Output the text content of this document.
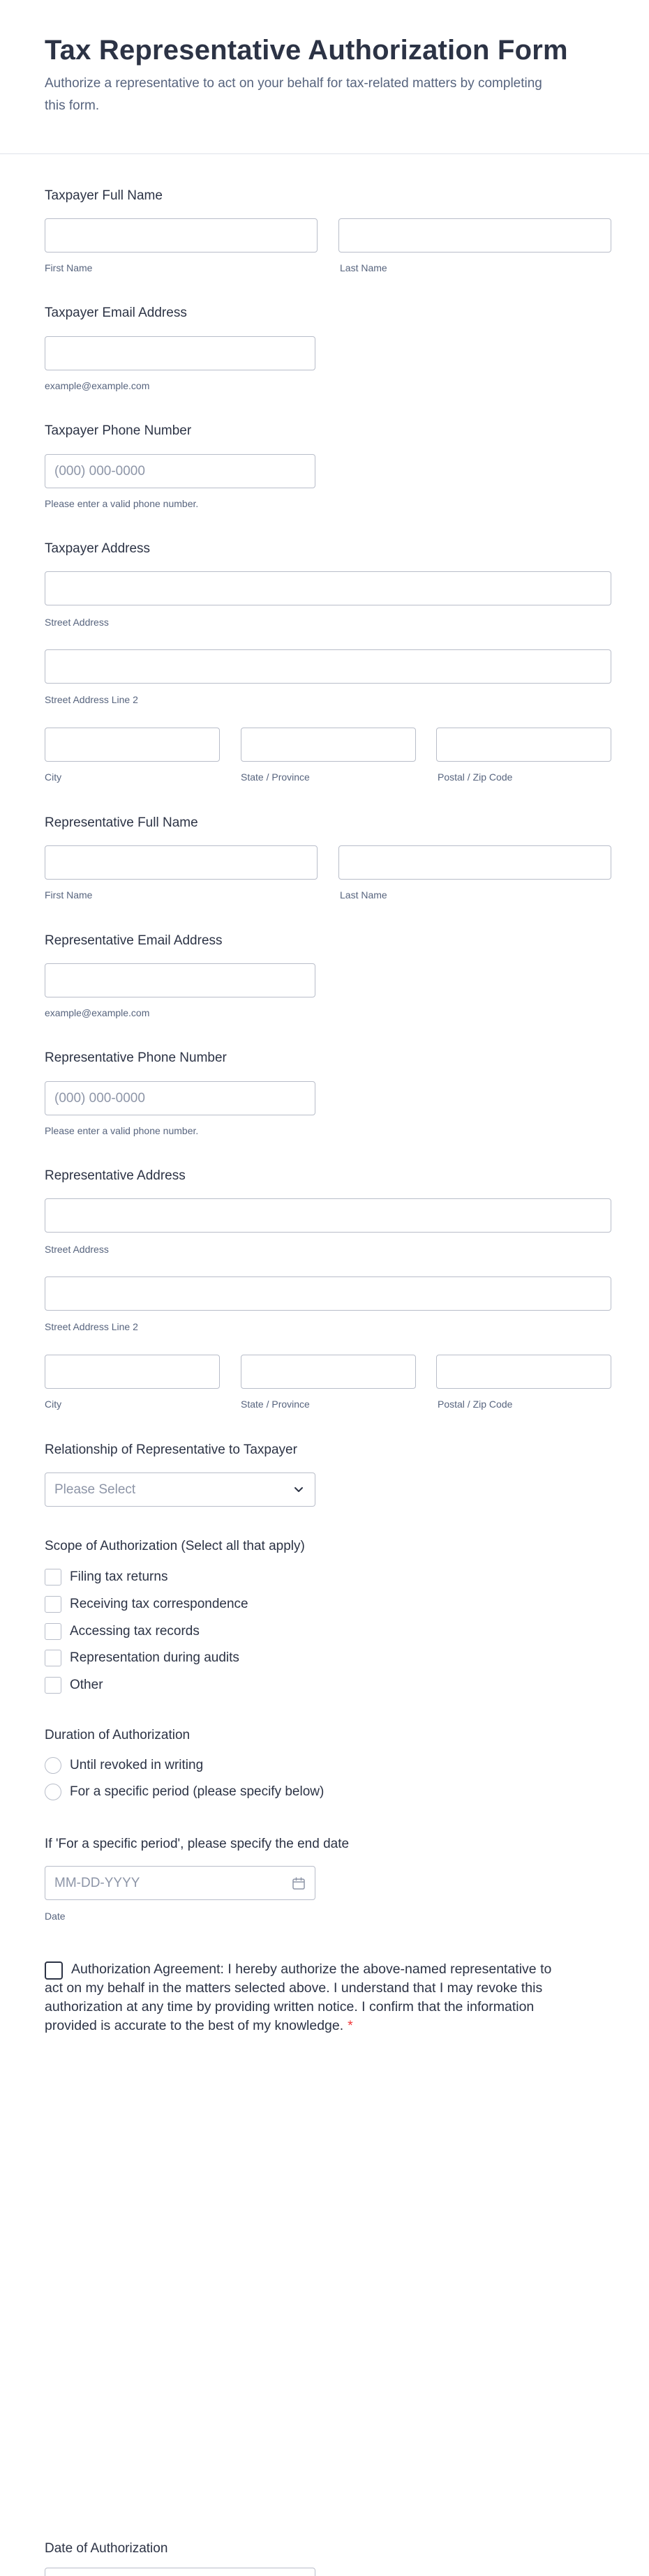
Tax Representative Authorization Form
Authorize a representative to act on your behalf for tax-related matters by completing this form.
Taxpayer Full Name
First Name	Last Name
Taxpayer Email Address
example@example.com
Taxpayer Phone Number
(000) 000-0000
Please enter a valid phone number.
Taxpayer Address
Street Address
Street Address Line 2
City	State / Province	Postal / Zip Code
Representative Full Name
First Name	Last Name
Representative Email Address
example@example.com
Representative Phone Number
(000) 000-0000
Please enter a valid phone number.
Representative Address
Street Address
Street Address Line 2
City	State / Province	Postal / Zip Code
Relationship of Representative to Taxpayer
Please Select
Scope of Authorization (Select all that apply)
Filing tax returns
Receiving tax correspondence
Accessing tax records
Representation during audits
Other
Duration of Authorization
Until revoked in writing
For a specific period (please specify below)
If 'For a specific period', please specify the end date
MM-DD-YYYY
Date
Authorization Agreement: I hereby authorize the above-named representative to act on my behalf in the matters selected above. I understand that I may revoke this authorization at any time by providing written notice. I confirm that the information provided is accurate to the best of my knowledge. *
Date of Authorization
